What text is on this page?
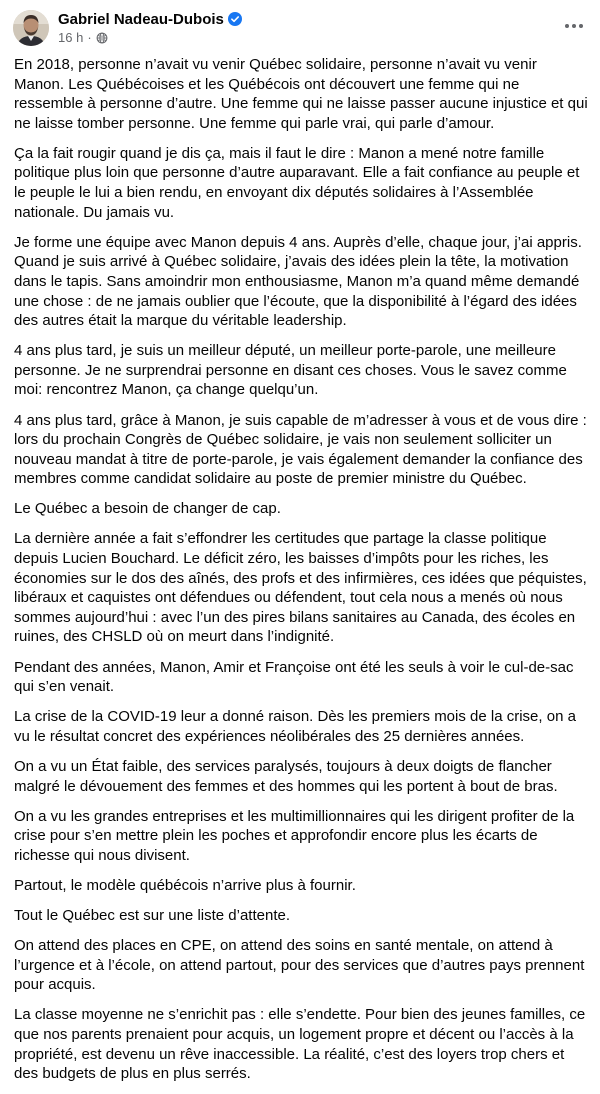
Gabriel Nadeau-Dubois
16 h ·

En 2018, personne n’avait vu venir Québec solidaire, personne n’avait vu venir Manon. Les Québécoises et les Québécois ont découvert une femme qui ne ressemble à personne d’autre. Une femme qui ne laisse passer aucune injustice et qui ne laisse tomber personne. Une femme qui parle vrai, qui parle d’amour.

Ça la fait rougir quand je dis ça, mais il faut le dire : Manon a mené notre famille politique plus loin que personne d’autre auparavant. Elle a fait confiance au peuple et le peuple le lui a bien rendu, en envoyant dix députés solidaires à l’Assemblée nationale. Du jamais vu.

Je forme une équipe avec Manon depuis 4 ans. Auprès d’elle, chaque jour, j’ai appris. Quand je suis arrivé à Québec solidaire, j’avais des idées plein la tête, la motivation dans le tapis. Sans amoindrir mon enthousiasme, Manon m’a quand même demandé une chose : de ne jamais oublier que l’écoute, que la disponibilité à l’égard des idées des autres était la marque du véritable leadership.

4 ans plus tard, je suis un meilleur député, un meilleur porte-parole, une meilleure personne. Je ne surprendrai personne en disant ces choses. Vous le savez comme moi: rencontrez Manon, ça change quelqu’un.

4 ans plus tard, grâce à Manon, je suis capable de m’adresser à vous et de vous dire : lors du prochain Congrès de Québec solidaire, je vais non seulement solliciter un nouveau mandat à titre de porte-parole, je vais également demander la confiance des membres comme candidat solidaire au poste de premier ministre du Québec.

Le Québec a besoin de changer de cap.

La dernière année a fait s’effondrer les certitudes que partage la classe politique depuis Lucien Bouchard. Le déficit zéro, les baisses d’impôts pour les riches, les économies sur le dos des aînés, des profs et des infirmières, ces idées que péquistes, libéraux et caquistes ont défendues ou défendent, tout cela nous a menés où nous sommes aujourd’hui : avec l’un des pires bilans sanitaires au Canada, des écoles en ruines, des CHSLD où on meurt dans l’indignité.

Pendant des années, Manon, Amir et Françoise ont été les seuls à voir le cul-de-sac qui s’en venait.

La crise de la COVID-19 leur a donné raison. Dès les premiers mois de la crise, on a vu le résultat concret des expériences néolibérales des 25 dernières années.

On a vu un État faible, des services paralysés, toujours à deux doigts de flancher malgré le dévouement des femmes et des hommes qui les portent à bout de bras.

On a vu les grandes entreprises et les multimillionnaires qui les dirigent profiter de la crise pour s’en mettre plein les poches et approfondir encore plus les écarts de richesse qui nous divisent.

Partout, le modèle québécois n’arrive plus à fournir.

Tout le Québec est sur une liste d’attente.

On attend des places en CPE, on attend des soins en santé mentale, on attend à l’urgence et à l’école, on attend partout, pour des services que d’autres pays prennent pour acquis.

La classe moyenne ne s’enrichit pas : elle s’endette. Pour bien des jeunes familles, ce que nos parents prenaient pour acquis, un logement propre et décent ou l’accès à la propriété, est devenu un rêve inaccessible. La réalité, c’est des loyers trop chers et des budgets de plus en plus serrés.
